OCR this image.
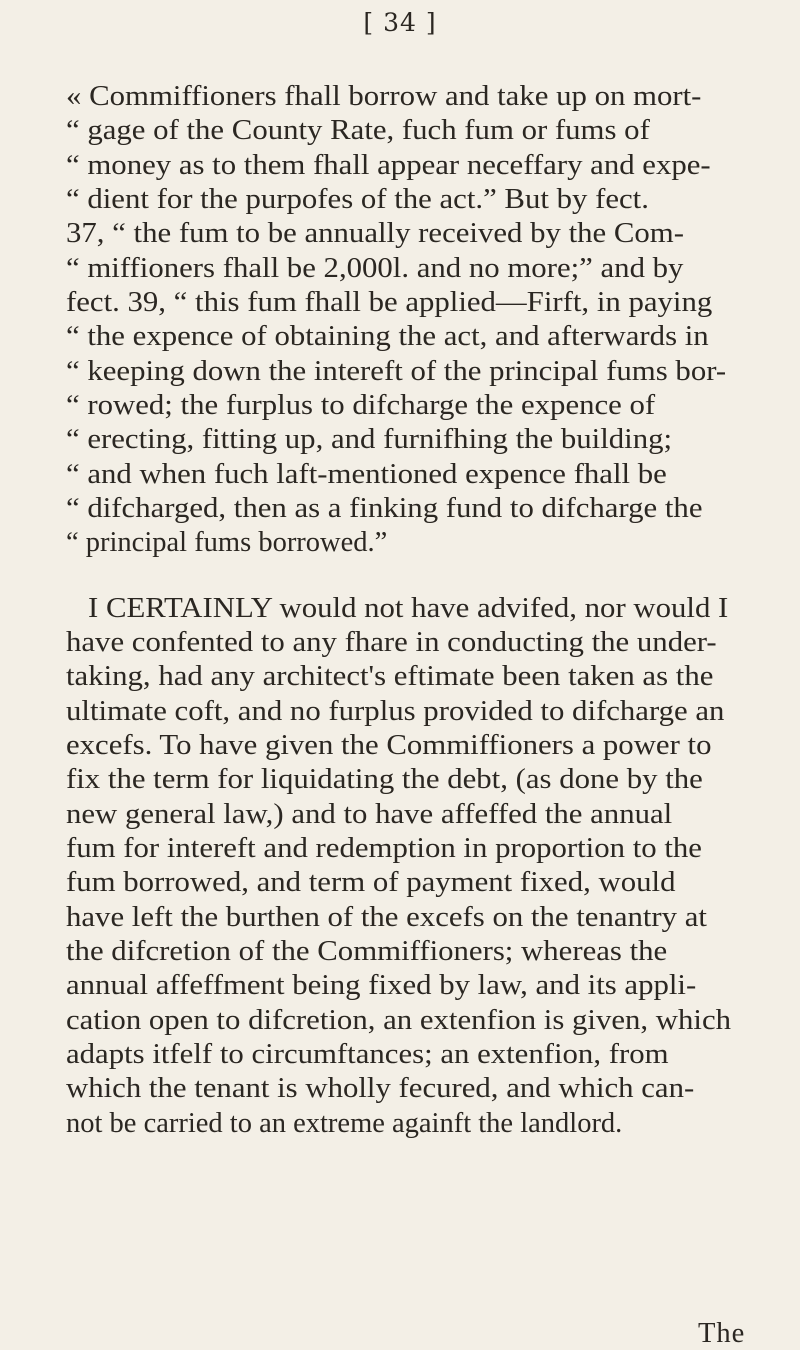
[ 34 ]
« Commiffioners fhall borrow and take up on mort-
“ gage of the County Rate, fuch fum or fums of
“ money as to them fhall appear neceffary and expe-
“ dient for the purpofes of the act.” But by fect.
37, “ the fum to be annually received by the Com-
“ miffioners fhall be 2,000l. and no more;” and by
fect. 39, “ this fum fhall be applied—Firft, in paying
“ the expence of obtaining the act, and afterwards in
“ keeping down the intereft of the principal fums bor-
“ rowed; the furplus to difcharge the expence of
“ erecting, fitting up, and furnifhing the building;
“ and when fuch laft-mentioned expence fhall be
“ difcharged, then as a finking fund to difcharge the
“ principal fums borrowed.”
I CERTAINLY would not have advifed, nor would I
have confented to any fhare in conducting the under-
taking, had any architect's eftimate been taken as the
ultimate coft, and no furplus provided to difcharge an
excefs. To have given the Commiffioners a power to
fix the term for liquidating the debt, (as done by the
new general law,) and to have affeffed the annual
fum for intereft and redemption in proportion to the
fum borrowed, and term of payment fixed, would
have left the burthen of the excefs on the tenantry at
the difcretion of the Commiffioners; whereas the
annual affeffment being fixed by law, and its appli-
cation open to difcretion, an extenfion is given, which
adapts itfelf to circumftances; an extenfion, from
which the tenant is wholly fecured, and which can-
not be carried to an extreme againft the landlord.
The
